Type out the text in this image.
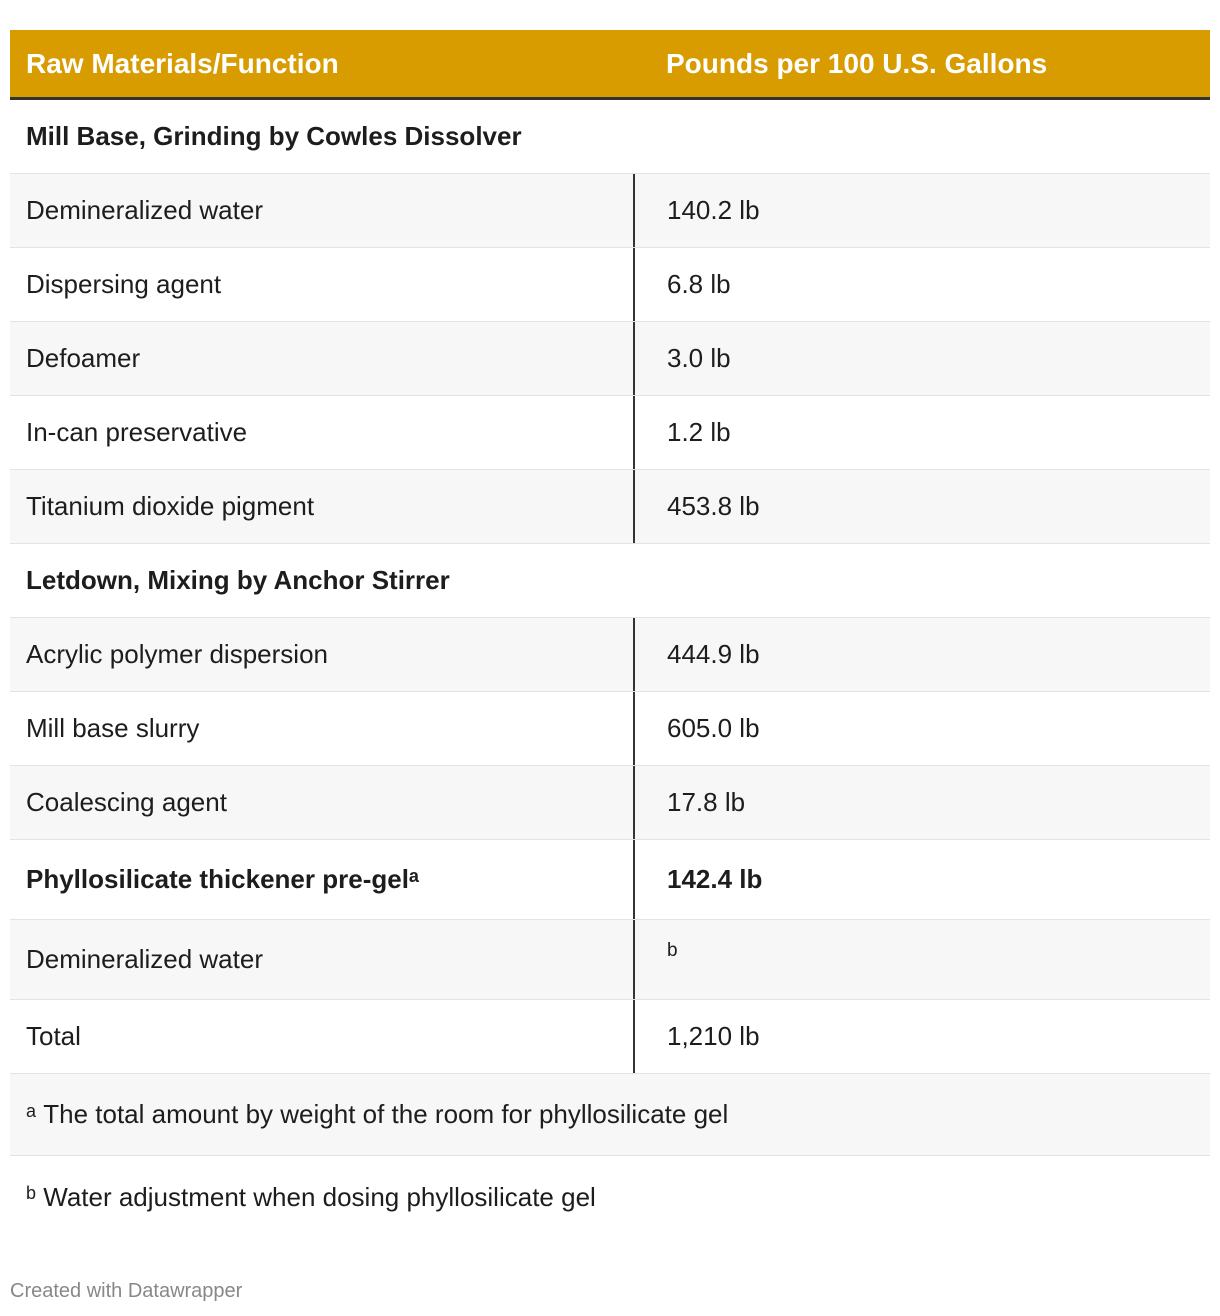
Raw Materials/Function	Pounds per 100 U.S. Gallons
Mill Base, Grinding by Cowles Dissolver
Demineralized water	140.2 lb
Dispersing agent	6.8 lb
Defoamer	3.0 lb
In-can preservative	1.2 lb
Titanium dioxide pigment	453.8 lb
Letdown, Mixing by Anchor Stirrer
Acrylic polymer dispersion	444.9 lb
Mill base slurry	605.0 lb
Coalescing agent	17.8 lb
Phyllosilicate thickener pre-gel$^a$	142.4 lb
Demineralized water	b
Total	1,210 lb
$^a$
The total amount by weight of the room for phyllosilicate gel
$^b$
Water adjustment when dosing phyllosilicate gel
Created with Datawrapper
